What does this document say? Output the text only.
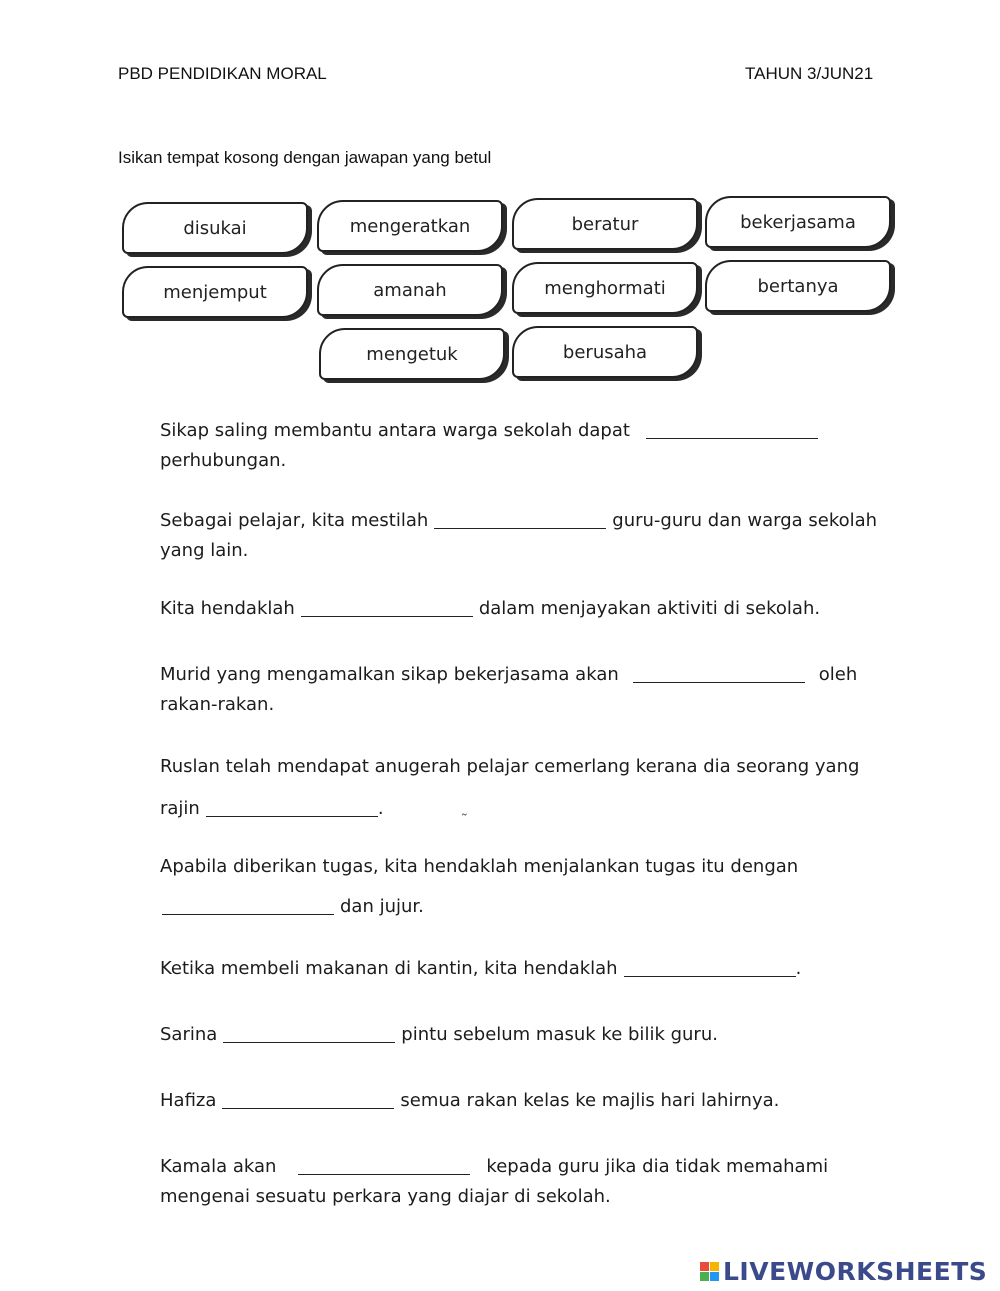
PBD PENDIDIKAN MORAL	TAHUN 3/JUN21
Isikan tempat kosong dengan jawapan yang betul
disukai	mengeratkan	beratur	bekerjasama
menjemput	amanah	menghormati	bertanya
mengetuk	berusaha
Sikap saling membantu antara warga sekolah dapat
perhubungan.
Sebagai pelajar, kita mestilah	guru-guru dan warga sekolah
yang lain.
Kita hendaklah	dalam menjayakan aktiviti di sekolah.
Murid yang mengamalkan sikap bekerjasama akan	oleh
rakan-rakan.
Ruslan telah mendapat anugerah pelajar cemerlang kerana dia seorang yang
rajin	.
Apabila diberikan tugas, kita hendaklah menjalankan tugas itu dengan
dan jujur.
Ketika membeli makanan di kantin, kita hendaklah	.
Sarina	pintu sebelum masuk ke bilik guru.
Hafiza	semua rakan kelas ke majlis hari lahirnya.
Kamala akan	kepada guru jika dia tidak memahami
mengenai sesuatu perkara yang diajar di sekolah.
˷
LIVEWORKSHEETS
